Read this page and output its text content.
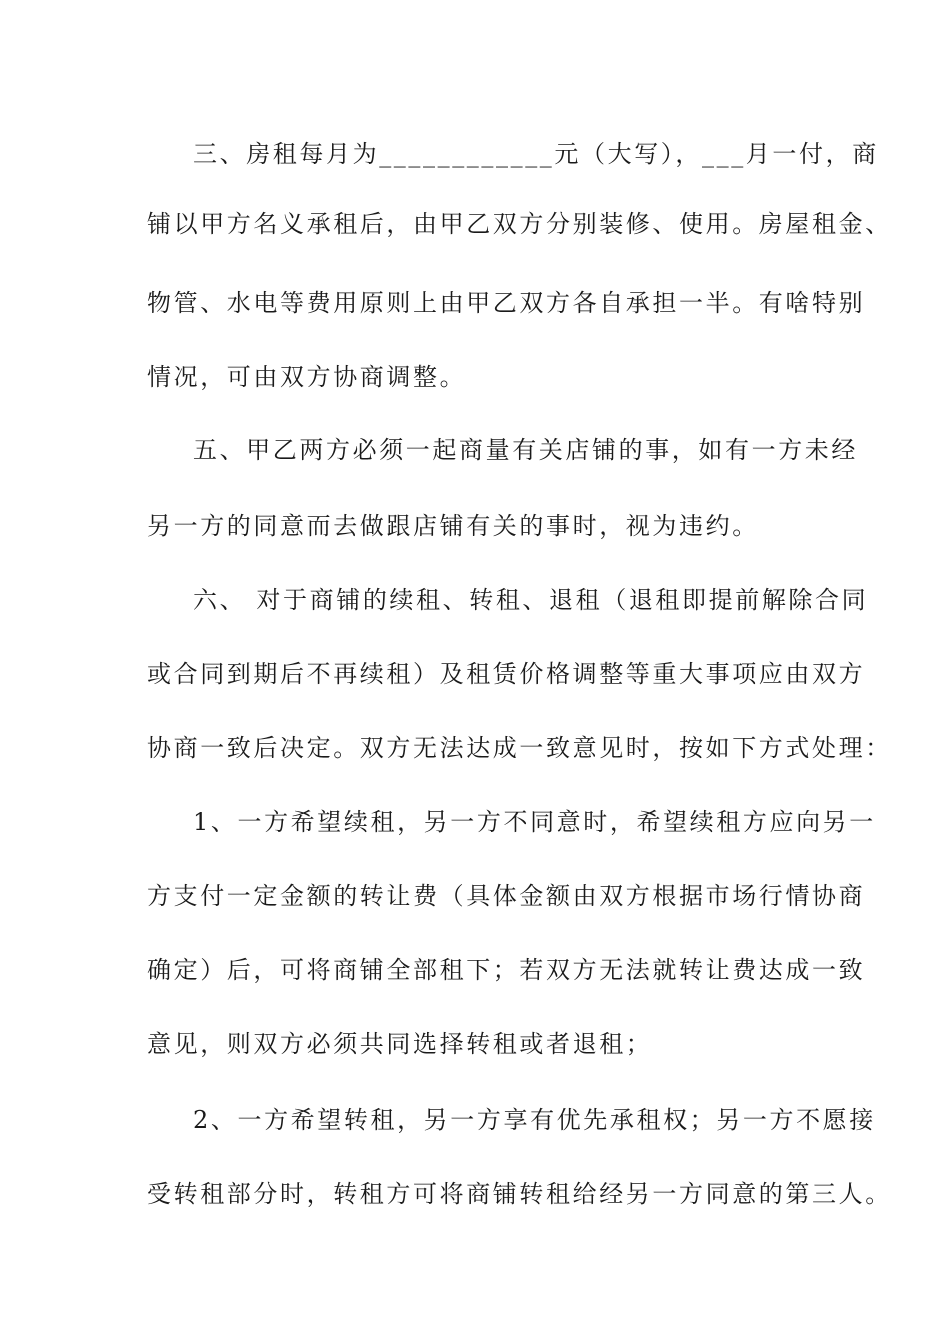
三、房租每月为____________元（大写），___月一付，商
铺以甲方名义承租后，由甲乙双方分别装修、使用。房屋租金、
物管、水电等费用原则上由甲乙双方各自承担一半。有啥特别
情况，可由双方协商调整。
五、甲乙两方必须一起商量有关店铺的事，如有一方未经
另一方的同意而去做跟店铺有关的事时，视为违约。
六、 对于商铺的续租、转租、退租（退租即提前解除合同
或合同到期后不再续租）及租赁价格调整等重大事项应由双方
协商一致后决定。双方无法达成一致意见时，按如下方式处理：
1、一方希望续租，另一方不同意时，希望续租方应向另一
方支付一定金额的转让费（具体金额由双方根据市场行情协商
确定）后，可将商铺全部租下；若双方无法就转让费达成一致
意见，则双方必须共同选择转租或者退租；
2、一方希望转租，另一方享有优先承租权；另一方不愿接
受转租部分时，转租方可将商铺转租给经另一方同意的第三人。
